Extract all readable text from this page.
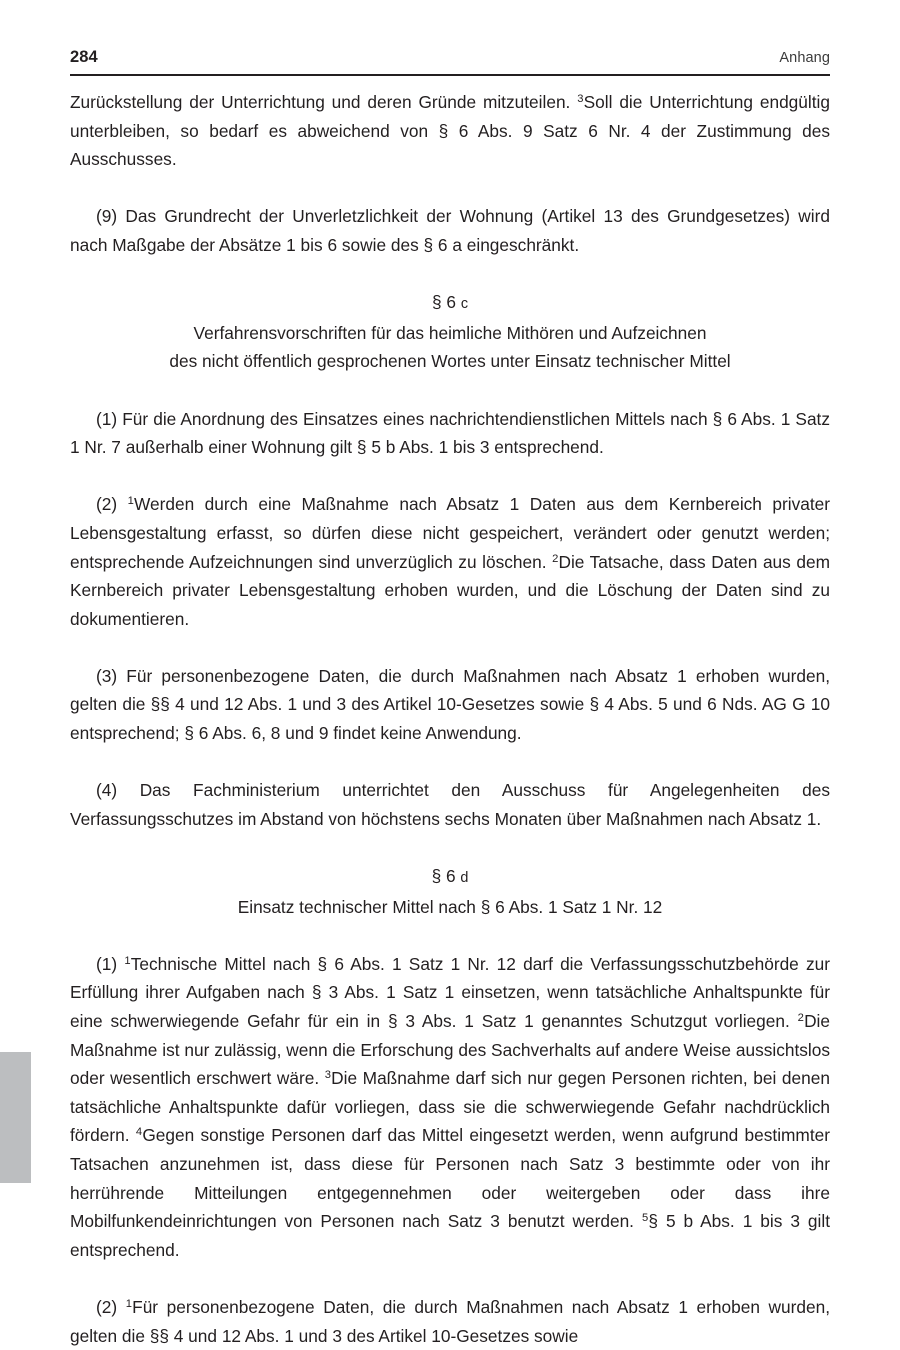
284	Anhang

Zurückstellung der Unterrichtung und deren Gründe mitzuteilen. $^3$Soll die Unterrichtung endgültig unterbleiben, so bedarf es abweichend von § 6 Abs. 9 Satz 6 Nr. 4 der Zustimmung des Ausschusses.

(9) Das Grundrecht der Unverletzlichkeit der Wohnung (Artikel 13 des Grundgesetzes) wird nach Maßgabe der Absätze 1 bis 6 sowie des § 6 a eingeschränkt.

§ 6 c
Verfahrensvorschriften für das heimliche Mithören und Aufzeichnen
des nicht öffentlich gesprochenen Wortes unter Einsatz technischer Mittel

(1) Für die Anordnung des Einsatzes eines nachrichtendienstlichen Mittels nach § 6 Abs. 1 Satz 1 Nr. 7 außerhalb einer Wohnung gilt § 5 b Abs. 1 bis 3 entsprechend.

(2) $^1$Werden durch eine Maßnahme nach Absatz 1 Daten aus dem Kernbereich privater Lebensgestaltung erfasst, so dürfen diese nicht gespeichert, verändert oder genutzt werden; entsprechende Aufzeichnungen sind unverzüglich zu löschen. $^2$Die Tatsache, dass Daten aus dem Kernbereich privater Lebensgestaltung erhoben wurden, und die Löschung der Daten sind zu dokumentieren.

(3) Für personenbezogene Daten, die durch Maßnahmen nach Absatz 1 erhoben wurden, gelten die §§ 4 und 12 Abs. 1 und 3 des Artikel 10-Gesetzes sowie § 4 Abs. 5 und 6 Nds. AG G 10 entsprechend; § 6 Abs. 6, 8 und 9 findet keine Anwendung.

(4) Das Fachministerium unterrichtet den Ausschuss für Angelegenheiten des Verfassungsschutzes im Abstand von höchstens sechs Monaten über Maßnahmen nach Absatz 1.

§ 6 d
Einsatz technischer Mittel nach § 6 Abs. 1 Satz 1 Nr. 12

(1) $^1$Technische Mittel nach § 6 Abs. 1 Satz 1 Nr. 12 darf die Verfassungsschutzbehörde zur Erfüllung ihrer Aufgaben nach § 3 Abs. 1 Satz 1 einsetzen, wenn tatsächliche Anhaltspunkte für eine schwerwiegende Gefahr für ein in § 3 Abs. 1 Satz 1 genanntes Schutzgut vorliegen. $^2$Die Maßnahme ist nur zulässig, wenn die Erforschung des Sachverhalts auf andere Weise aussichtslos oder wesentlich erschwert wäre. $^3$Die Maßnahme darf sich nur gegen Personen richten, bei denen tatsächliche Anhaltspunkte dafür vorliegen, dass sie die schwerwiegende Gefahr nachdrücklich fördern. $^4$Gegen sonstige Personen darf das Mittel eingesetzt werden, wenn aufgrund bestimmter Tatsachen anzunehmen ist, dass diese für Personen nach Satz 3 bestimmte oder von ihr herrührende Mitteilungen entgegennehmen oder weitergeben oder dass ihre Mobilfunkendeinrichtungen von Personen nach Satz 3 benutzt werden. $^5$§ 5 b Abs. 1 bis 3 gilt entsprechend.

(2) $^1$Für personenbezogene Daten, die durch Maßnahmen nach Absatz 1 erhoben wurden, gelten die §§ 4 und 12 Abs. 1 und 3 des Artikel 10-Gesetzes sowie
